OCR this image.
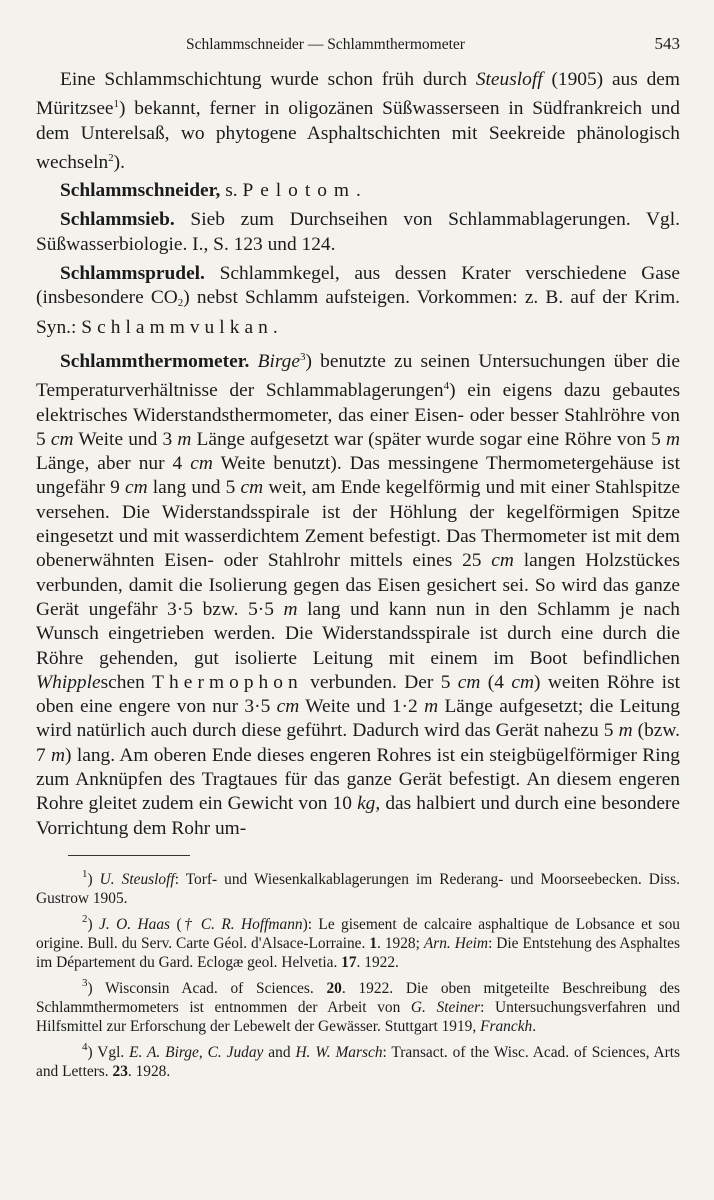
Schlammschneider — Schlammthermometer	543

Eine Schlammschichtung wurde schon früh durch Steusloff (1905) aus dem Müritzsee$^1$) bekannt, ferner in oligozänen Süßwasserseen in Südfrankreich und dem Unterelsaß, wo phytogene Asphaltschichten mit Seekreide phänologisch wechseln$^2$).

Schlammschneider, s. Pelotom.

Schlammsieb. Sieb zum Durchseihen von Schlammablagerungen. Vgl. Süßwasserbiologie. I., S. 123 und 124.

Schlammsprudel. Schlammkegel, aus dessen Krater verschiedene Gase (insbesondere $CO_2$) nebst Schlamm aufsteigen. Vorkommen: z. B. auf der Krim. Syn.: Schlammvulkan.

Schlammthermometer. Birge$^3$) benutzte zu seinen Untersuchungen über die Temperaturverhältnisse der Schlammablagerungen$^4$) ein eigens dazu gebautes elektrisches Widerstandsthermometer, das einer Eisen- oder besser Stahlröhre von 5 cm Weite und 3 m Länge aufgesetzt war (später wurde sogar eine Röhre von 5 m Länge, aber nur 4 cm Weite benutzt). Das messingene Thermometergehäuse ist ungefähr 9 cm lang und 5 cm weit, am Ende kegelförmig und mit einer Stahlspitze versehen. Die Widerstandsspirale ist der Höhlung der kegelförmigen Spitze eingesetzt und mit wasserdichtem Zement befestigt. Das Thermometer ist mit dem obenerwähnten Eisen- oder Stahlrohr mittels eines 25 cm langen Holzstückes verbunden, damit die Isolierung gegen das Eisen gesichert sei. So wird das ganze Gerät ungefähr 3·5 bzw. 5·5 m lang und kann nun in den Schlamm je nach Wunsch eingetrieben werden. Die Widerstandsspirale ist durch eine durch die Röhre gehenden, gut isolierte Leitung mit einem im Boot befindlichen Whippleschen Thermophon verbunden. Der 5 cm (4 cm) weiten Röhre ist oben eine engere von nur 3·5 cm Weite und 1·2 m Länge aufgesetzt; die Leitung wird natürlich auch durch diese geführt. Dadurch wird das Gerät nahezu 5 m (bzw. 7 m) lang. Am oberen Ende dieses engeren Rohres ist ein steigbügelförmiger Ring zum Anknüpfen des Tragtaues für das ganze Gerät befestigt. An diesem engeren Rohre gleitet zudem ein Gewicht von 10 kg, das halbiert und durch eine besondere Vorrichtung dem Rohr um-

$^1$) U. Steusloff: Torf- und Wiesenkalkablagerungen im Rederang- und Moorseebecken. Diss. Gustrow 1905.

$^2$) J. O. Haas († C. R. Hoffmann): Le gisement de calcaire asphaltique de Lobsance et sou origine. Bull. du Serv. Carte Géol. d'Alsace-Lorraine. 1. 1928; Arn. Heim: Die Entstehung des Asphaltes im Département du Gard. Eclogæ geol. Helvetia. 17. 1922.

$^3$) Wisconsin Acad. of Sciences. 20. 1922. Die oben mitgeteilte Beschreibung des Schlammthermometers ist entnommen der Arbeit von G. Steiner: Untersuchungsverfahren und Hilfsmittel zur Erforschung der Lebewelt der Gewässer. Stuttgart 1919, Franckh.

$^4$) Vgl. E. A. Birge, C. Juday and H. W. Marsch: Transact. of the Wisc. Acad. of Sciences, Arts and Letters. 23. 1928.
